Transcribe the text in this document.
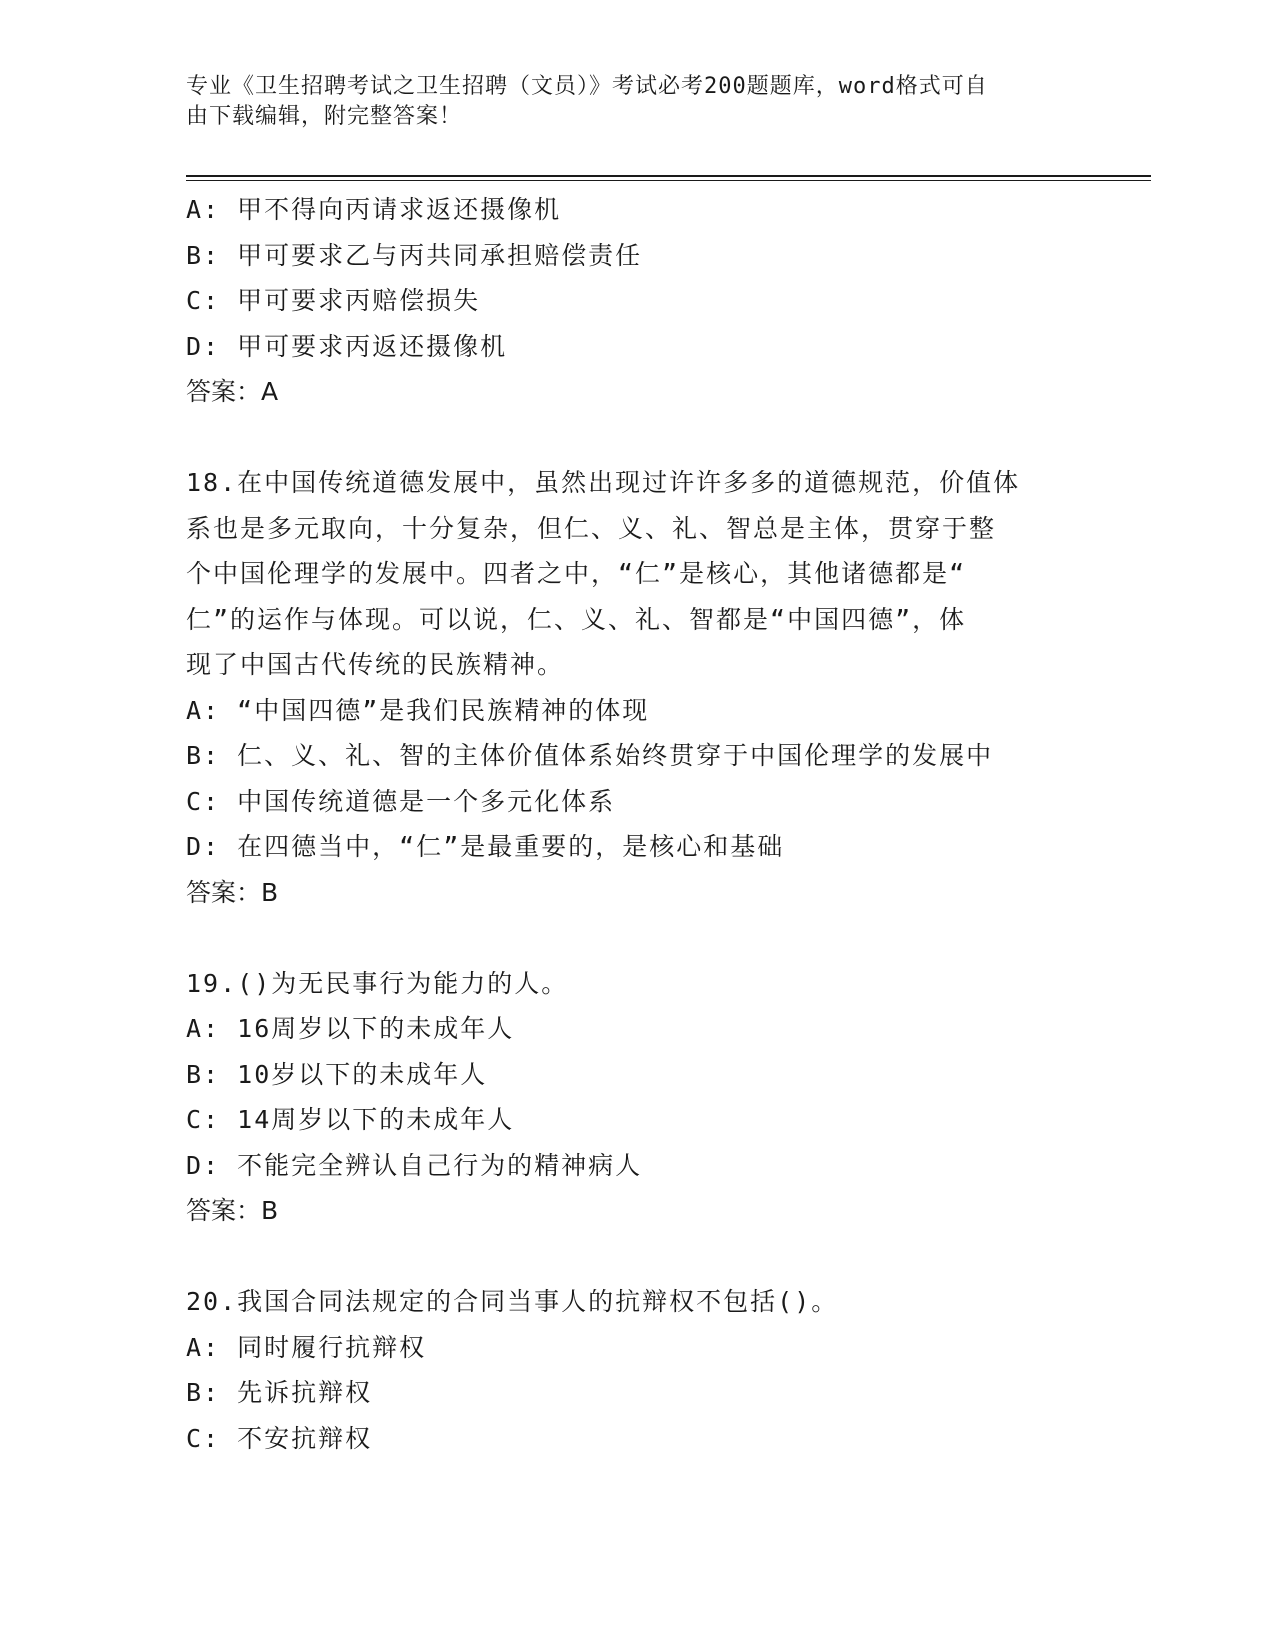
专业《卫生招聘考试之卫生招聘（文员）》考试必考200题题库，word格式可自
由下载编辑，附完整答案！
A: 甲不得向丙请求返还摄像机
B: 甲可要求乙与丙共同承担赔偿责任
C: 甲可要求丙赔偿损失
D: 甲可要求丙返还摄像机
答案：A
18.在中国传统道德发展中，虽然出现过许许多多的道德规范，价值体
系也是多元取向，十分复杂，但仁、义、礼、智总是主体，贯穿于整
个中国伦理学的发展中。四者之中，“仁”是核心，其他诸德都是“
仁”的运作与体现。可以说，仁、义、礼、智都是“中国四德”，体
现了中国古代传统的民族精神。
A: “中国四德”是我们民族精神的体现
B: 仁、义、礼、智的主体价值体系始终贯穿于中国伦理学的发展中
C: 中国传统道德是一个多元化体系
D: 在四德当中，“仁”是最重要的，是核心和基础
答案：B
19.()为无民事行为能力的人。
A: 16周岁以下的未成年人
B: 10岁以下的未成年人
C: 14周岁以下的未成年人
D: 不能完全辨认自己行为的精神病人
答案：B
20.我国合同法规定的合同当事人的抗辩权不包括()。
A: 同时履行抗辩权
B: 先诉抗辩权
C: 不安抗辩权
